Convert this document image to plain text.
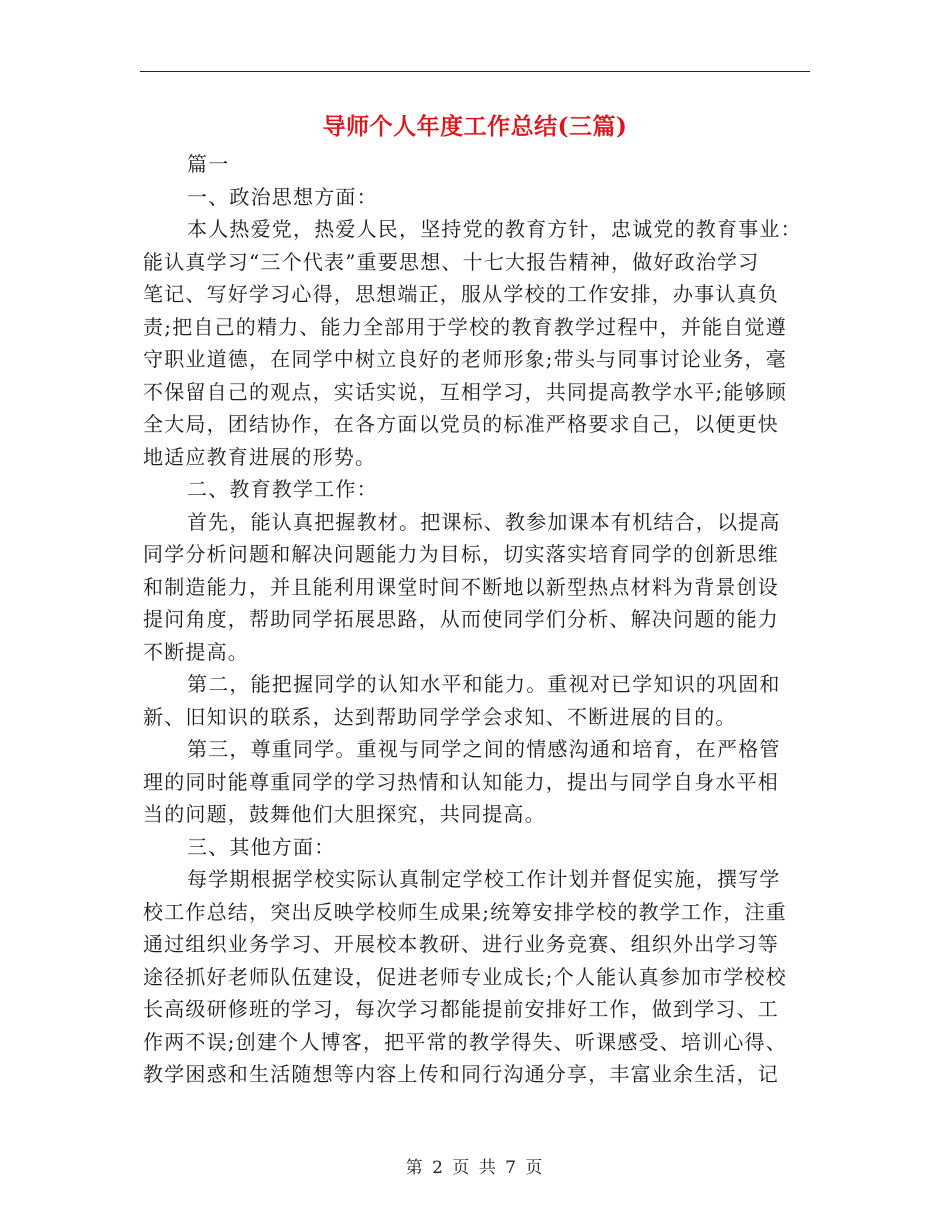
导师个人年度工作总结(三篇)
篇一
一、政治思想方面：
本人热爱党，热爱人民，坚持党的教育方针，忠诚党的教育事业：
能认真学习“三个代表”重要思想、十七大报告精神，做好政治学习
笔记、写好学习心得，思想端正，服从学校的工作安排，办事认真负
责;把自己的精力、能力全部用于学校的教育教学过程中，并能自觉遵
守职业道德，在同学中树立良好的老师形象;带头与同事讨论业务，毫
不保留自己的观点，实话实说，互相学习，共同提高教学水平;能够顾
全大局，团结协作，在各方面以党员的标准严格要求自己，以便更快
地适应教育进展的形势。
二、教育教学工作：
首先，能认真把握教材。把课标、教参加课本有机结合，以提高
同学分析问题和解决问题能力为目标，切实落实培育同学的创新思维
和制造能力，并且能利用课堂时间不断地以新型热点材料为背景创设
提问角度，帮助同学拓展思路，从而使同学们分析、解决问题的能力
不断提高。
第二，能把握同学的认知水平和能力。重视对已学知识的巩固和
新、旧知识的联系，达到帮助同学学会求知、不断进展的目的。
第三，尊重同学。重视与同学之间的情感沟通和培育，在严格管
理的同时能尊重同学的学习热情和认知能力，提出与同学自身水平相
当的问题，鼓舞他们大胆探究，共同提高。
三、其他方面：
每学期根据学校实际认真制定学校工作计划并督促实施，撰写学
校工作总结，突出反映学校师生成果;统筹安排学校的教学工作，注重
通过组织业务学习、开展校本教研、进行业务竞赛、组织外出学习等
途径抓好老师队伍建设，促进老师专业成长;个人能认真参加市学校校
长高级研修班的学习，每次学习都能提前安排好工作，做到学习、工
作两不误;创建个人博客，把平常的教学得失、听课感受、培训心得、
教学困惑和生活随想等内容上传和同行沟通分享，丰富业余生活，记
第 2 页 共 7 页
